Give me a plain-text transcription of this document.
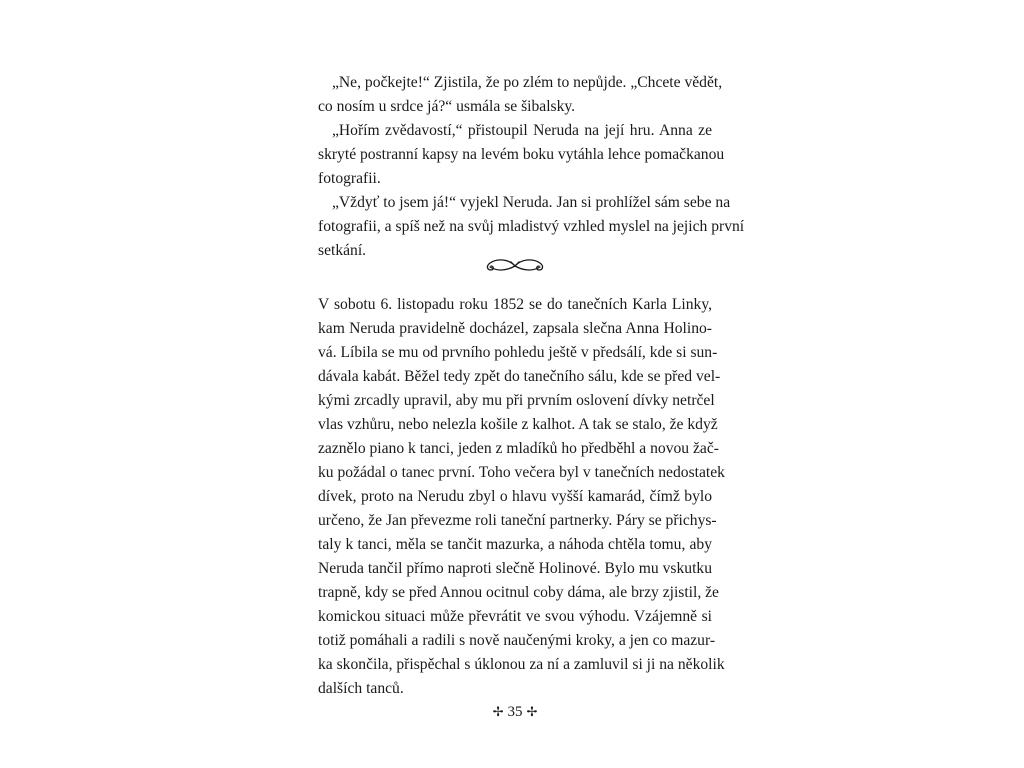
„Ne, počkejte!“ Zjistila, že po zlém to nepůjde. „Chcete vědět,
co nosím u srdce já?“ usmála se šibalsky.
„Hořím zvědavostí,“ přistoupil Neruda na její hru. Anna ze
skryté postranní kapsy na levém boku vytáhla lehce pomačkanou
fotografii.
„Vždyť to jsem já!“ vyjekl Neruda. Jan si prohlížel sám sebe na
fotografii, a spíš než na svůj mladistvý vzhled myslel na jejich první
setkání.
V sobotu 6. listopadu roku 1852 se do tanečních Karla Linky,
kam Neruda pravidelně docházel, zapsala slečna Anna Holino-
vá. Líbila se mu od prvního pohledu ještě v předsálí, kde si sun-
dávala kabát. Běžel tedy zpět do tanečního sálu, kde se před vel-
kými zrcadly upravil, aby mu při prvním oslovení dívky netrčel
vlas vzhůru, nebo nelezla košile z kalhot. A tak se stalo, že když
zaznělo piano k tanci, jeden z mladíků ho předběhl a novou žač-
ku požádal o tanec první. Toho večera byl v tanečních nedostatek
dívek, proto na Nerudu zbyl o hlavu vyšší kamarád, čímž bylo
určeno, že Jan převezme roli taneční partnerky. Páry se přichys-
taly k tanci, měla se tančit mazurka, a náhoda chtěla tomu, aby
Neruda tančil přímo naproti slečně Holinové. Bylo mu vskutku
trapně, kdy se před Annou ocitnul coby dáma, ale brzy zjistil, že
komickou situaci může převrátit ve svou výhodu. Vzájemně si
totiž pomáhali a radili s nově naučenými kroky, a jen co mazur-
ka skončila, přispěchal s úklonou za ní a zamluvil si ji na několik
dalších tanců.
✢ 35 ✢
